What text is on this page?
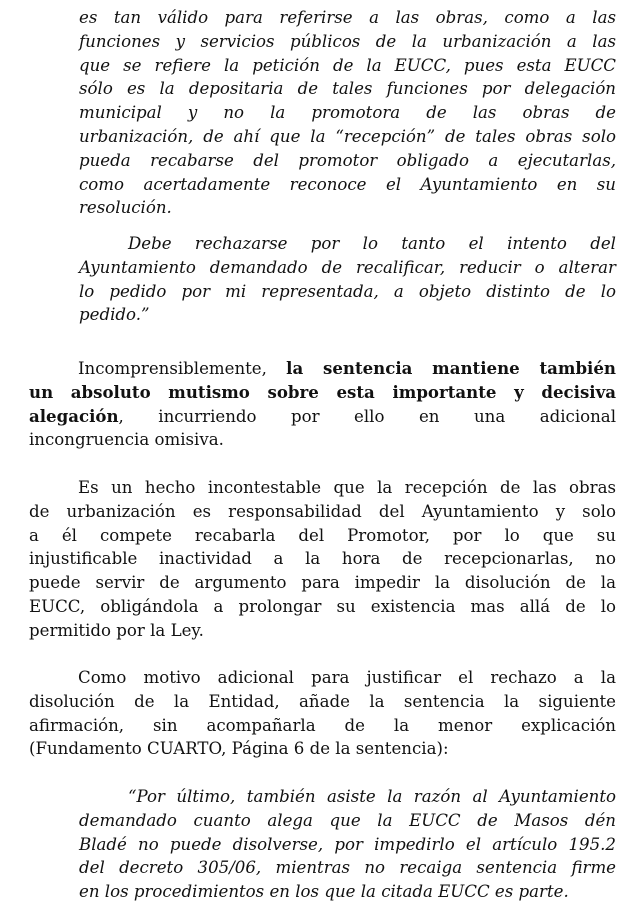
es tan válido para referirse a las obras, como a las
funciones y servicios públicos de la urbanización a las
que se refiere la petición de la EUCC, pues esta EUCC
sólo es la depositaria de tales funciones por delegación
municipal y no la promotora de las obras de
urbanización, de ahí que la “recepción” de tales obras solo
pueda recabarse del promotor obligado a ejecutarlas,
como acertadamente reconoce el Ayuntamiento en su
resolución.
Debe rechazarse por lo tanto el intento del
Ayuntamiento demandado de recalificar, reducir o alterar
lo pedido por mi representada, a objeto distinto de lo
pedido.”
Incomprensiblemente, la sentencia mantiene también
un absoluto mutismo sobre esta importante y decisiva
alegación, incurriendo por ello en una adicional
incongruencia omisiva.
Es un hecho incontestable que la recepción de las obras
de urbanización es responsabilidad del Ayuntamiento y solo
a él compete recabarla del Promotor, por lo que su
injustificable inactividad a la hora de recepcionarlas, no
puede servir de argumento para impedir la disolución de la
EUCC, obligándola a prolongar su existencia mas allá de lo
permitido por la Ley.
Como motivo adicional para justificar el rechazo a la
disolución de la Entidad, añade la sentencia la siguiente
afirmación, sin acompañarla de la menor explicación
(Fundamento CUARTO, Página 6 de la sentencia):
“Por último, también asiste la razón al Ayuntamiento
demandado cuanto alega que la EUCC de Masos dén
Bladé no puede disolverse, por impedirlo el artículo 195.2
del decreto 305/06, mientras no recaiga sentencia firme
en los procedimientos en los que la citada EUCC es parte.
